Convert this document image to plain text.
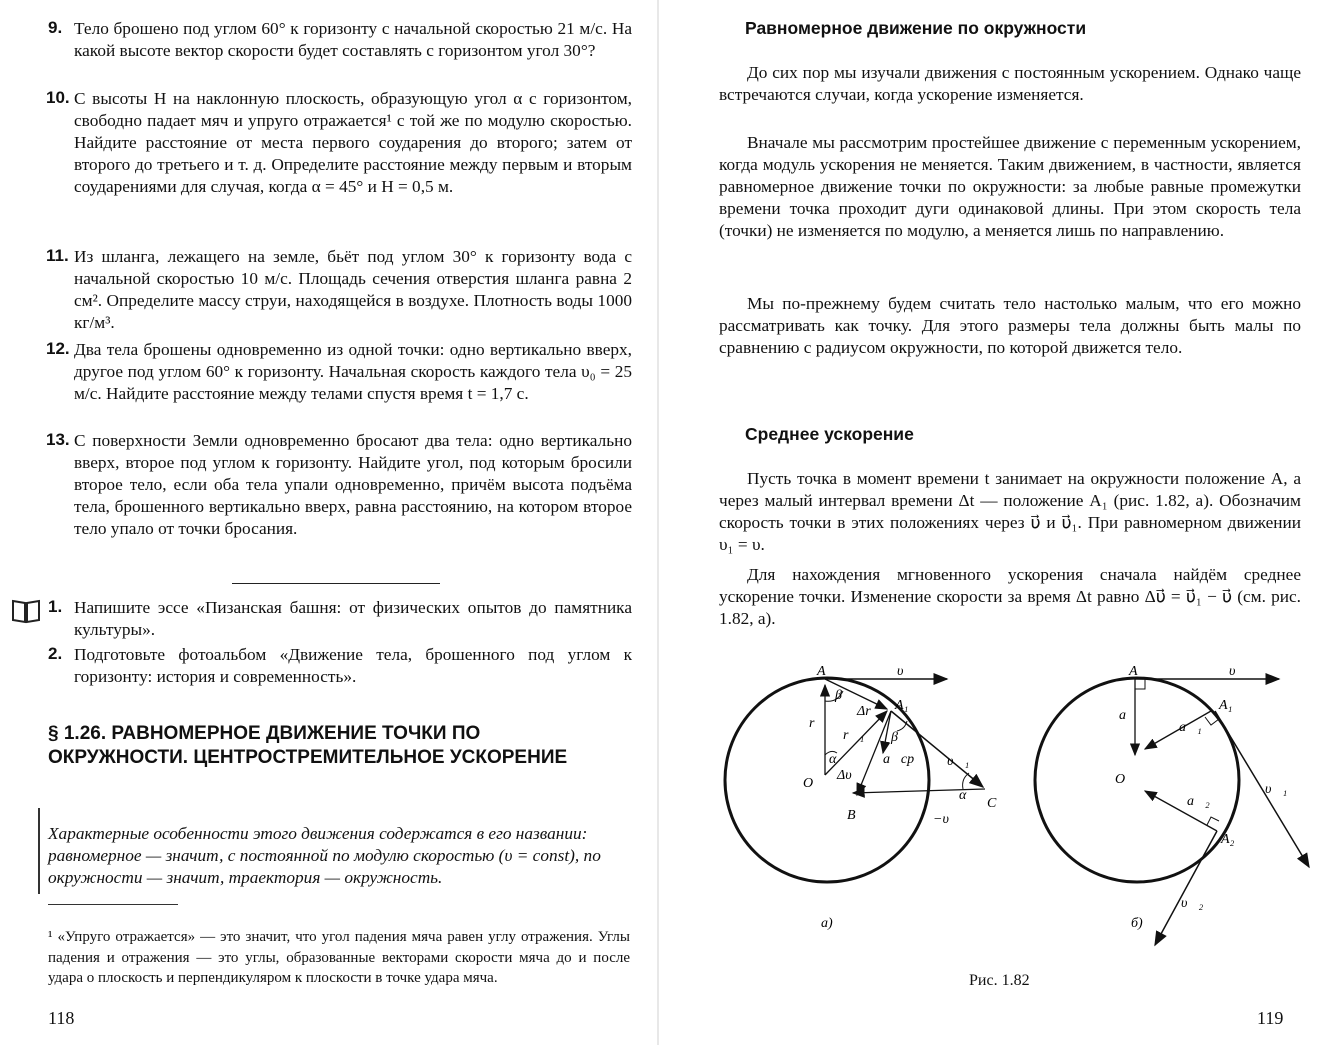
9. Тело брошено под углом 60° к горизонту с начальной скоростью 21 м/с. На какой высоте вектор скорости будет составлять с горизонтом угол 30°?

10. С высоты H на наклонную плоскость, образующую угол α с горизонтом, свободно падает мяч и упруго отражается¹ с той же по модулю скоростью. Найдите расстояние от места первого соударения до второго; затем от второго до третьего и т. д. Определите расстояние между первым и вторым соударениями для случая, когда α = 45° и H = 0,5 м.

11. Из шланга, лежащего на земле, бьёт под углом 30° к горизонту вода с начальной скоростью 10 м/с. Площадь сечения отверстия шланга равна 2 см². Определите массу струи, находящейся в воздухе. Плотность воды 1000 кг/м³.

12. Два тела брошены одновременно из одной точки: одно вертикально вверх, другое под углом 60° к горизонту. Начальная скорость каждого тела υ₀ = 25 м/с. Найдите расстояние между телами спустя время t = 1,7 с.

13. С поверхности Земли одновременно бросают два тела: одно вертикально вверх, второе под углом к горизонту. Найдите угол, под которым бросили второе тело, если оба тела упали одновременно, причём высота подъёма тела, брошенного вертикально вверх, равна расстоянию, на котором второе тело упало от точки бросания.

1. Напишите эссе «Пизанская башня: от физических опытов до памятника культуры».

2. Подготовьте фотоальбом «Движение тела, брошенного под углом к горизонту: история и современность».

§ 1.26. РАВНОМЕРНОЕ ДВИЖЕНИЕ ТОЧКИ ПО ОКРУЖНОСТИ. ЦЕНТРОСТРЕМИТЕЛЬНОЕ УСКОРЕНИЕ

Характерные особенности этого движения содержатся в его названии: равномерное — значит, с постоянной по модулю скоростью (υ = const), по окружности — значит, траектория — окружность.

¹ «Упруго отражается» — это значит, что угол падения мяча равен углу отражения. Углы падения и отражения — это углы, образованные векторами скорости мяча до и после удара о плоскость и перпендикуляром к плоскости в точке удара мяча.

118
Равномерное движение по окружности

До сих пор мы изучали движения с постоянным ускорением. Однако чаще встречаются случаи, когда ускорение изменяется.

Вначале мы рассмотрим простейшее движение с переменным ускорением, когда модуль ускорения не меняется. Таким движением, в частности, является равномерное движение точки по окружности: за любые равные промежутки времени точка проходит дуги одинаковой длины. При этом скорость тела (точки) не изменяется по модулю, а меняется лишь по направлению.

Мы по-прежнему будем считать тело настолько малым, что его можно рассматривать как точку. Для этого размеры тела должны быть малы по сравнению с радиусом окружности, по которой движется тело.

Среднее ускорение

Пусть точка в момент времени t занимает на окружности положение A, а через малый интервал времени Δt — положение A₁ (рис. 1.82, а). Обозначим скорость точки в этих положениях через υ⃗ и υ⃗₁. При равномерном движении υ₁ = υ.

Для нахождения мгновенного ускорения сначала найдём среднее ускорение точки. Изменение скорости за время Δt равно Δυ⃗ = υ⃗₁ − υ⃗ (см. рис. 1.82, а).

A
A₁
O
B
C
υ⃗
υ⃗₁
−υ⃗
r⃗
r⃗₁
Δr⃗
Δυ⃗
a⃗ср
α
α
β
β
а)
A
A₁
A₂
O
υ⃗
υ⃗₁
υ⃗₂
a⃗
a⃗₁
a⃗₂
б)
Рис. 1.82
119
